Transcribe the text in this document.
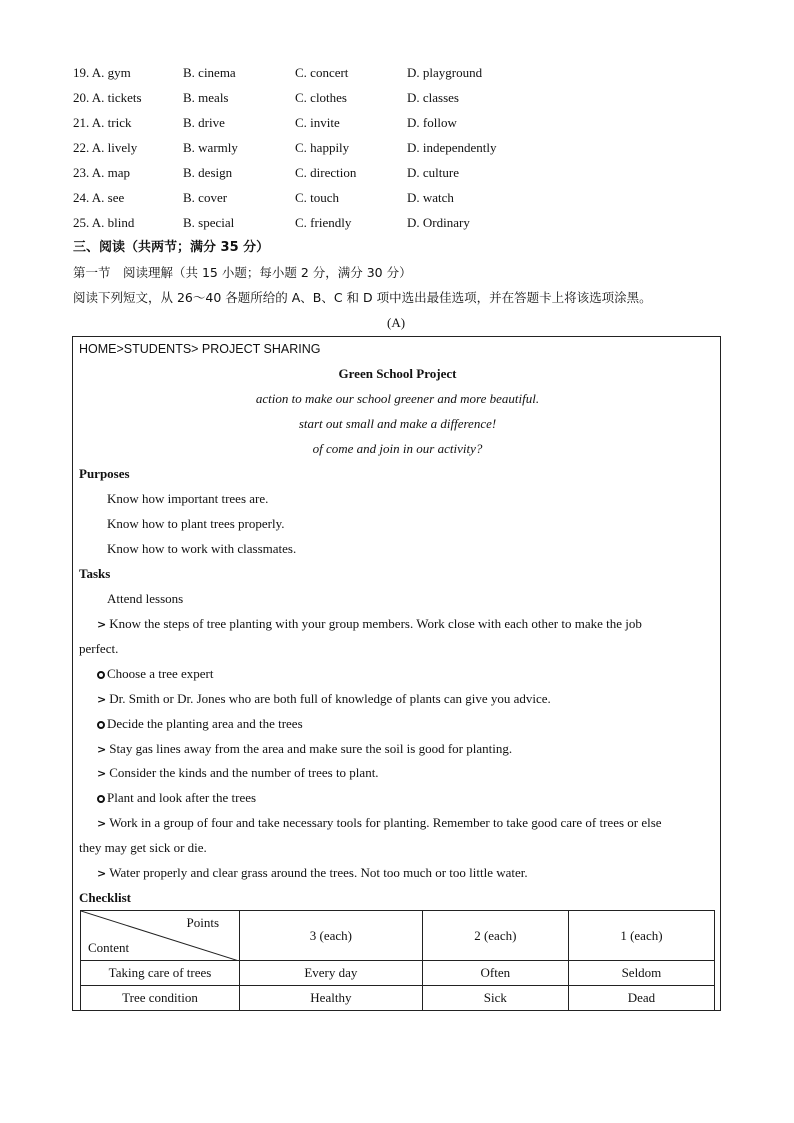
19. A. gym	B. cinema	C. concert	D. playground
20. A. tickets	B. meals	C. clothes	D. classes
21. A. trick	B. drive	C. invite	D. follow
22. A. lively	B. warmly	C. happily	D. independently
23. A. map	B. design	C. direction	D. culture
24. A. see	B. cover	C. touch	D. watch
25. A. blind	B. special	C. friendly	D. Ordinary
三、阅读（共两节；满分 35 分）
第一节　阅读理解（共 15 小题；每小题 2 分，满分 30 分）
阅读下列短文，从 26～40 各题所给的 A、B、C 和 D 项中选出最佳选项，并在答题卡上将该选项涂黑。
(A)
HOME>STUDENTS> PROJECT SHARING
Green School Project
action to make our school greener and more beautiful.
start out small and make a difference!
of come and join in our activity?
Purposes
Know how important trees are.
Know how to plant trees properly.
Know how to work with classmates.
Tasks
Attend lessons
> Know the steps of tree planting with your group members. Work close with each other to make the job
perfect.
Choose a tree expert
> Dr. Smith or Dr. Jones who are both full of knowledge of plants can give you advice.
Decide the planting area and the trees
> Stay gas lines away from the area and make sure the soil is good for planting.
> Consider the kinds and the number of trees to plant.
Plant and look after the trees
> Work in a group of four and take necessary tools for planting. Remember to take good care of trees or else
they may get sick or die.
> Water properly and clear grass around the trees. Not too much or too little water.
Checklist
Points
Content	3 (each)	2 (each)	1 (each)
Taking care of trees	Every day	Often	Seldom
Tree condition	Healthy	Sick	Dead
